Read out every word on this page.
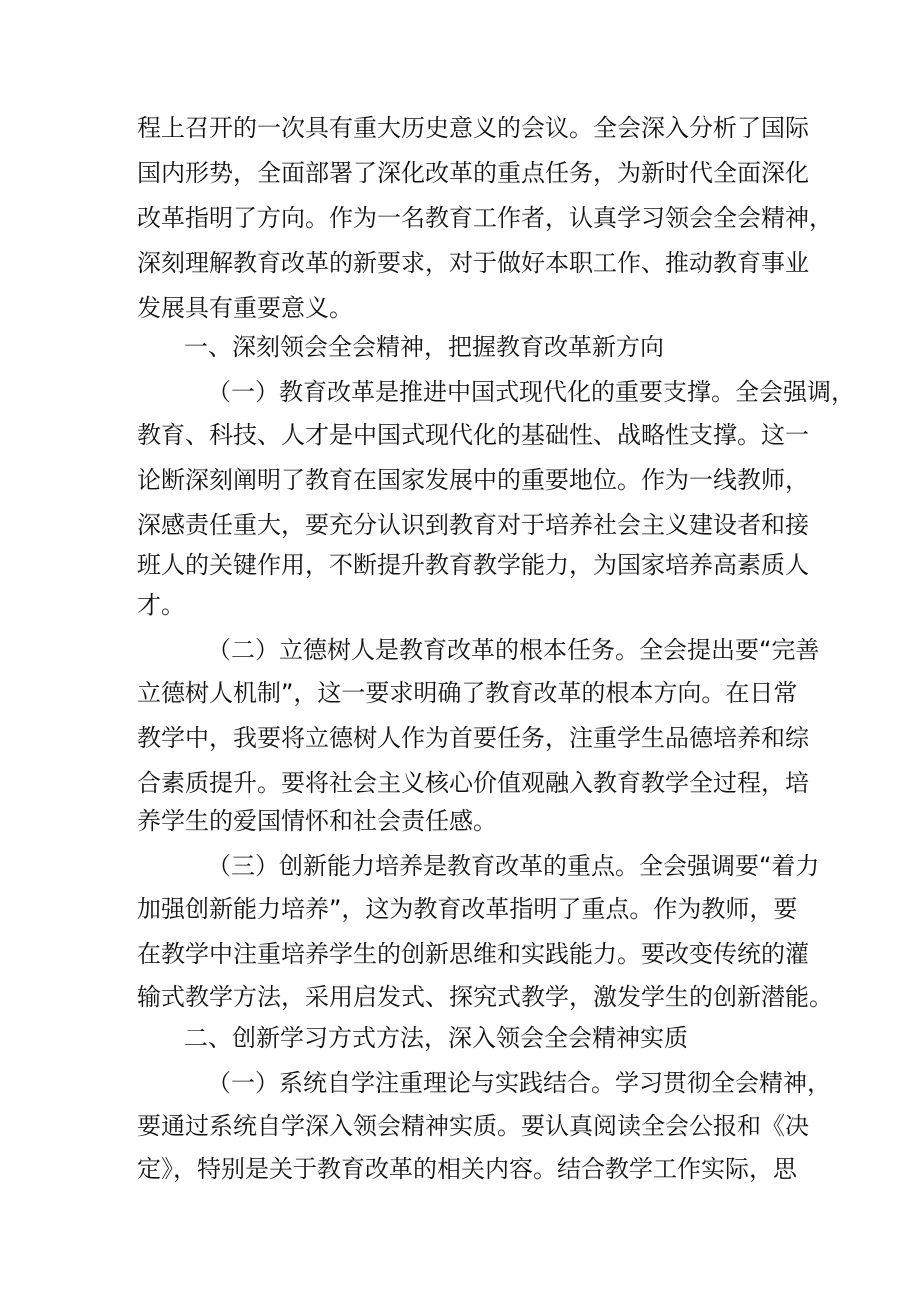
程上召开的一次具有重大历史意义的会议。全会深入分析了国际
国内形势，全面部署了深化改革的重点任务，为新时代全面深化
改革指明了方向。作为一名教育工作者，认真学习领会全会精神，
深刻理解教育改革的新要求，对于做好本职工作、推动教育事业
发展具有重要意义。
一、深刻领会全会精神，把握教育改革新方向
（一）教育改革是推进中国式现代化的重要支撑。全会强调，
教育、科技、人才是中国式现代化的基础性、战略性支撑。这一
论断深刻阐明了教育在国家发展中的重要地位。作为一线教师，
深感责任重大，要充分认识到教育对于培养社会主义建设者和接
班人的关键作用，不断提升教育教学能力，为国家培养高素质人
才。
（二）立德树人是教育改革的根本任务。全会提出要“完善
立德树人机制”，这一要求明确了教育改革的根本方向。在日常
教学中，我要将立德树人作为首要任务，注重学生品德培养和综
合素质提升。要将社会主义核心价值观融入教育教学全过程，培
养学生的爱国情怀和社会责任感。
（三）创新能力培养是教育改革的重点。全会强调要“着力
加强创新能力培养”，这为教育改革指明了重点。作为教师，要
在教学中注重培养学生的创新思维和实践能力。要改变传统的灌
输式教学方法，采用启发式、探究式教学，激发学生的创新潜能。
二、创新学习方式方法，深入领会全会精神实质
（一）系统自学注重理论与实践结合。学习贯彻全会精神，
要通过系统自学深入领会精神实质。要认真阅读全会公报和《决
定》，特别是关于教育改革的相关内容。结合教学工作实际，思
